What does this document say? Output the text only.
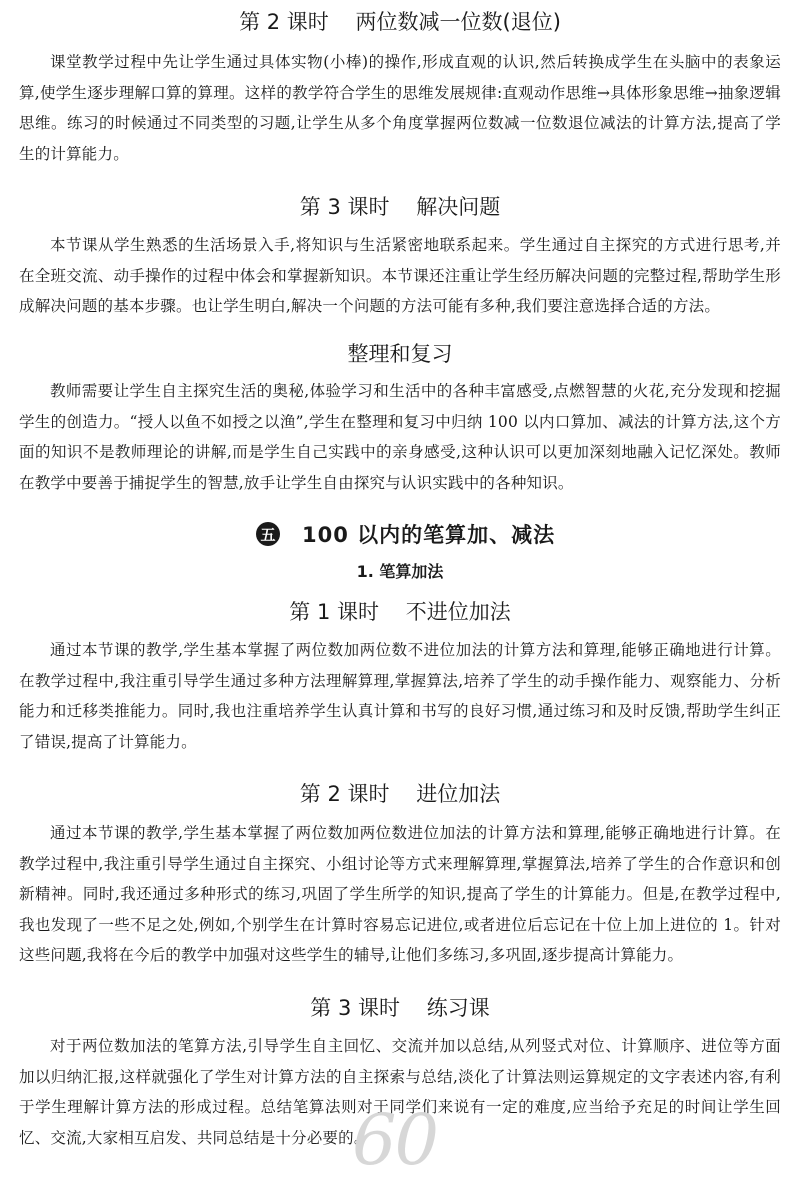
第 2 课时    两位数减一位数(退位)

课堂教学过程中先让学生通过具体实物(小棒)的操作,形成直观的认识,然后转换成学生在头脑中的表象运算,使学生逐步理解口算的算理。这样的教学符合学生的思维发展规律:直观动作思维→具体形象思维→抽象逻辑思维。练习的时候通过不同类型的习题,让学生从多个角度掌握两位数减一位数退位减法的计算方法,提高了学生的计算能力。

第 3 课时    解决问题

本节课从学生熟悉的生活场景入手,将知识与生活紧密地联系起来。学生通过自主探究的方式进行思考,并在全班交流、动手操作的过程中体会和掌握新知识。本节课还注重让学生经历解决问题的完整过程,帮助学生形成解决问题的基本步骤。也让学生明白,解决一个问题的方法可能有多种,我们要注意选择合适的方法。

整理和复习

教师需要让学生自主探究生活的奥秘,体验学习和生活中的各种丰富感受,点燃智慧的火花,充分发现和挖掘学生的创造力。“授人以鱼不如授之以渔”,学生在整理和复习中归纳 100 以内口算加、减法的计算方法,这个方面的知识不是教师理论的讲解,而是学生自己实践中的亲身感受,这种认识可以更加深刻地融入记忆深处。教师在教学中要善于捕捉学生的智慧,放手让学生自由探究与认识实践中的各种知识。

五 100 以内的笔算加、减法
1. 笔算加法
第 1 课时    不进位加法

通过本节课的教学,学生基本掌握了两位数加两位数不进位加法的计算方法和算理,能够正确地进行计算。在教学过程中,我注重引导学生通过多种方法理解算理,掌握算法,培养了学生的动手操作能力、观察能力、分析能力和迁移类推能力。同时,我也注重培养学生认真计算和书写的良好习惯,通过练习和及时反馈,帮助学生纠正了错误,提高了计算能力。

第 2 课时    进位加法

通过本节课的教学,学生基本掌握了两位数加两位数进位加法的计算方法和算理,能够正确地进行计算。在教学过程中,我注重引导学生通过自主探究、小组讨论等方式来理解算理,掌握算法,培养了学生的合作意识和创新精神。同时,我还通过多种形式的练习,巩固了学生所学的知识,提高了学生的计算能力。但是,在教学过程中,我也发现了一些不足之处,例如,个别学生在计算时容易忘记进位,或者进位后忘记在十位上加上进位的 1。针对这些问题,我将在今后的教学中加强对这些学生的辅导,让他们多练习,多巩固,逐步提高计算能力。

第 3 课时    练习课

对于两位数加法的笔算方法,引导学生自主回忆、交流并加以总结,从列竖式对位、计算顺序、进位等方面加以归纳汇报,这样就强化了学生对计算方法的自主探索与总结,淡化了计算法则运算规定的文字表述内容,有利于学生理解计算方法的形成过程。总结笔算法则对于同学们来说有一定的难度,应当给予充足的时间让学生回忆、交流,大家相互启发、共同总结是十分必要的。

60
